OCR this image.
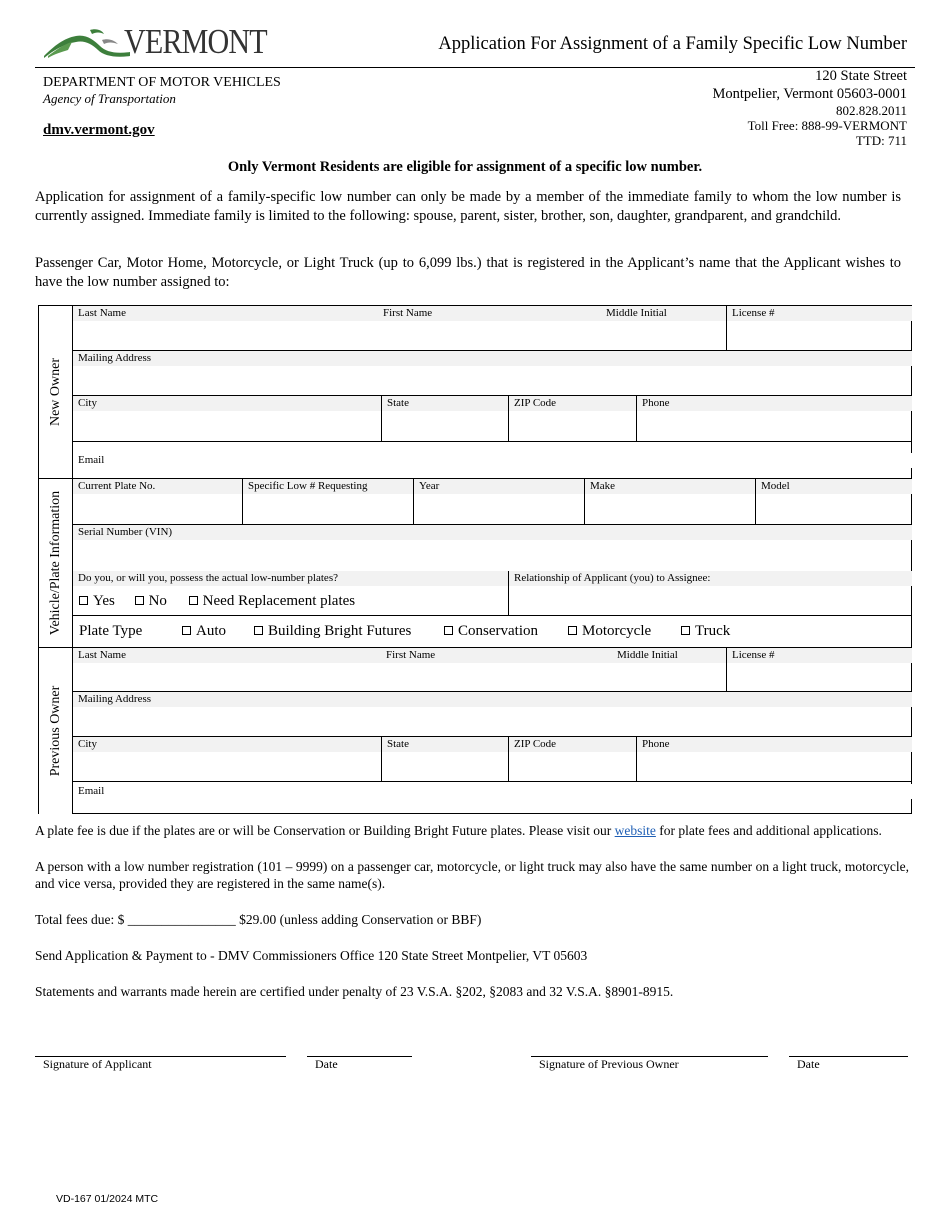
VERMONT	Application For Assignment of a Family Specific Low Number
DEPARTMENT OF MOTOR VEHICLES
Agency of Transportation
dmv.vermont.gov
120 State Street
Montpelier, Vermont 05603-0001
802.828.2011
Toll Free: 888-99-VERMONT
TTD: 711
Only Vermont Residents are eligible for assignment of a specific low number.
Application for assignment of a family-specific low number can only be made by a member of the immediate family to whom the low number is currently assigned. Immediate family is limited to the following: spouse, parent, sister, brother, son, daughter, grandparent, and grandchild.
Passenger Car, Motor Home, Motorcycle, or Light Truck (up to 6,099 lbs.) that is registered in the Applicant’s name that the Applicant wishes to have the low number assigned to:
New Owner
Vehicle/Plate Information
Previous Owner
Last Name	First Name	Middle Initial	License #
Mailing Address
City	State	ZIP Code	Phone
Email
Current Plate No.	Specific Low # Requesting	Year	Make	Model
Serial Number (VIN)
Do you, or will you, possess the actual low-number plates?
Yes No Need Replacement plates
Relationship of Applicant (you) to Assignee:
Plate Type	Auto	Building Bright Futures	Conservation	Motorcycle	Truck
Last Name	First Name	Middle Initial	License #
Mailing Address
City	State	ZIP Code	Phone
Email
A plate fee is due if the plates are or will be Conservation or Building Bright Future plates. Please visit our website for plate fees and additional applications.
A person with a low number registration (101 – 9999) on a passenger car, motorcycle, or light truck may also have the same number on a light truck, motorcycle, and vice versa, provided they are registered in the same name(s).
Total fees due: $ ________________ $29.00 (unless adding Conservation or BBF)
Send Application & Payment to - DMV Commissioners Office 120 State Street Montpelier, VT 05603
Statements and warrants made herein are certified under penalty of 23 V.S.A. §202, §2083 and 32 V.S.A. §8901-8915.
Signature of Applicant	Date	Signature of Previous Owner	Date
VD-167 01/2024 MTC
